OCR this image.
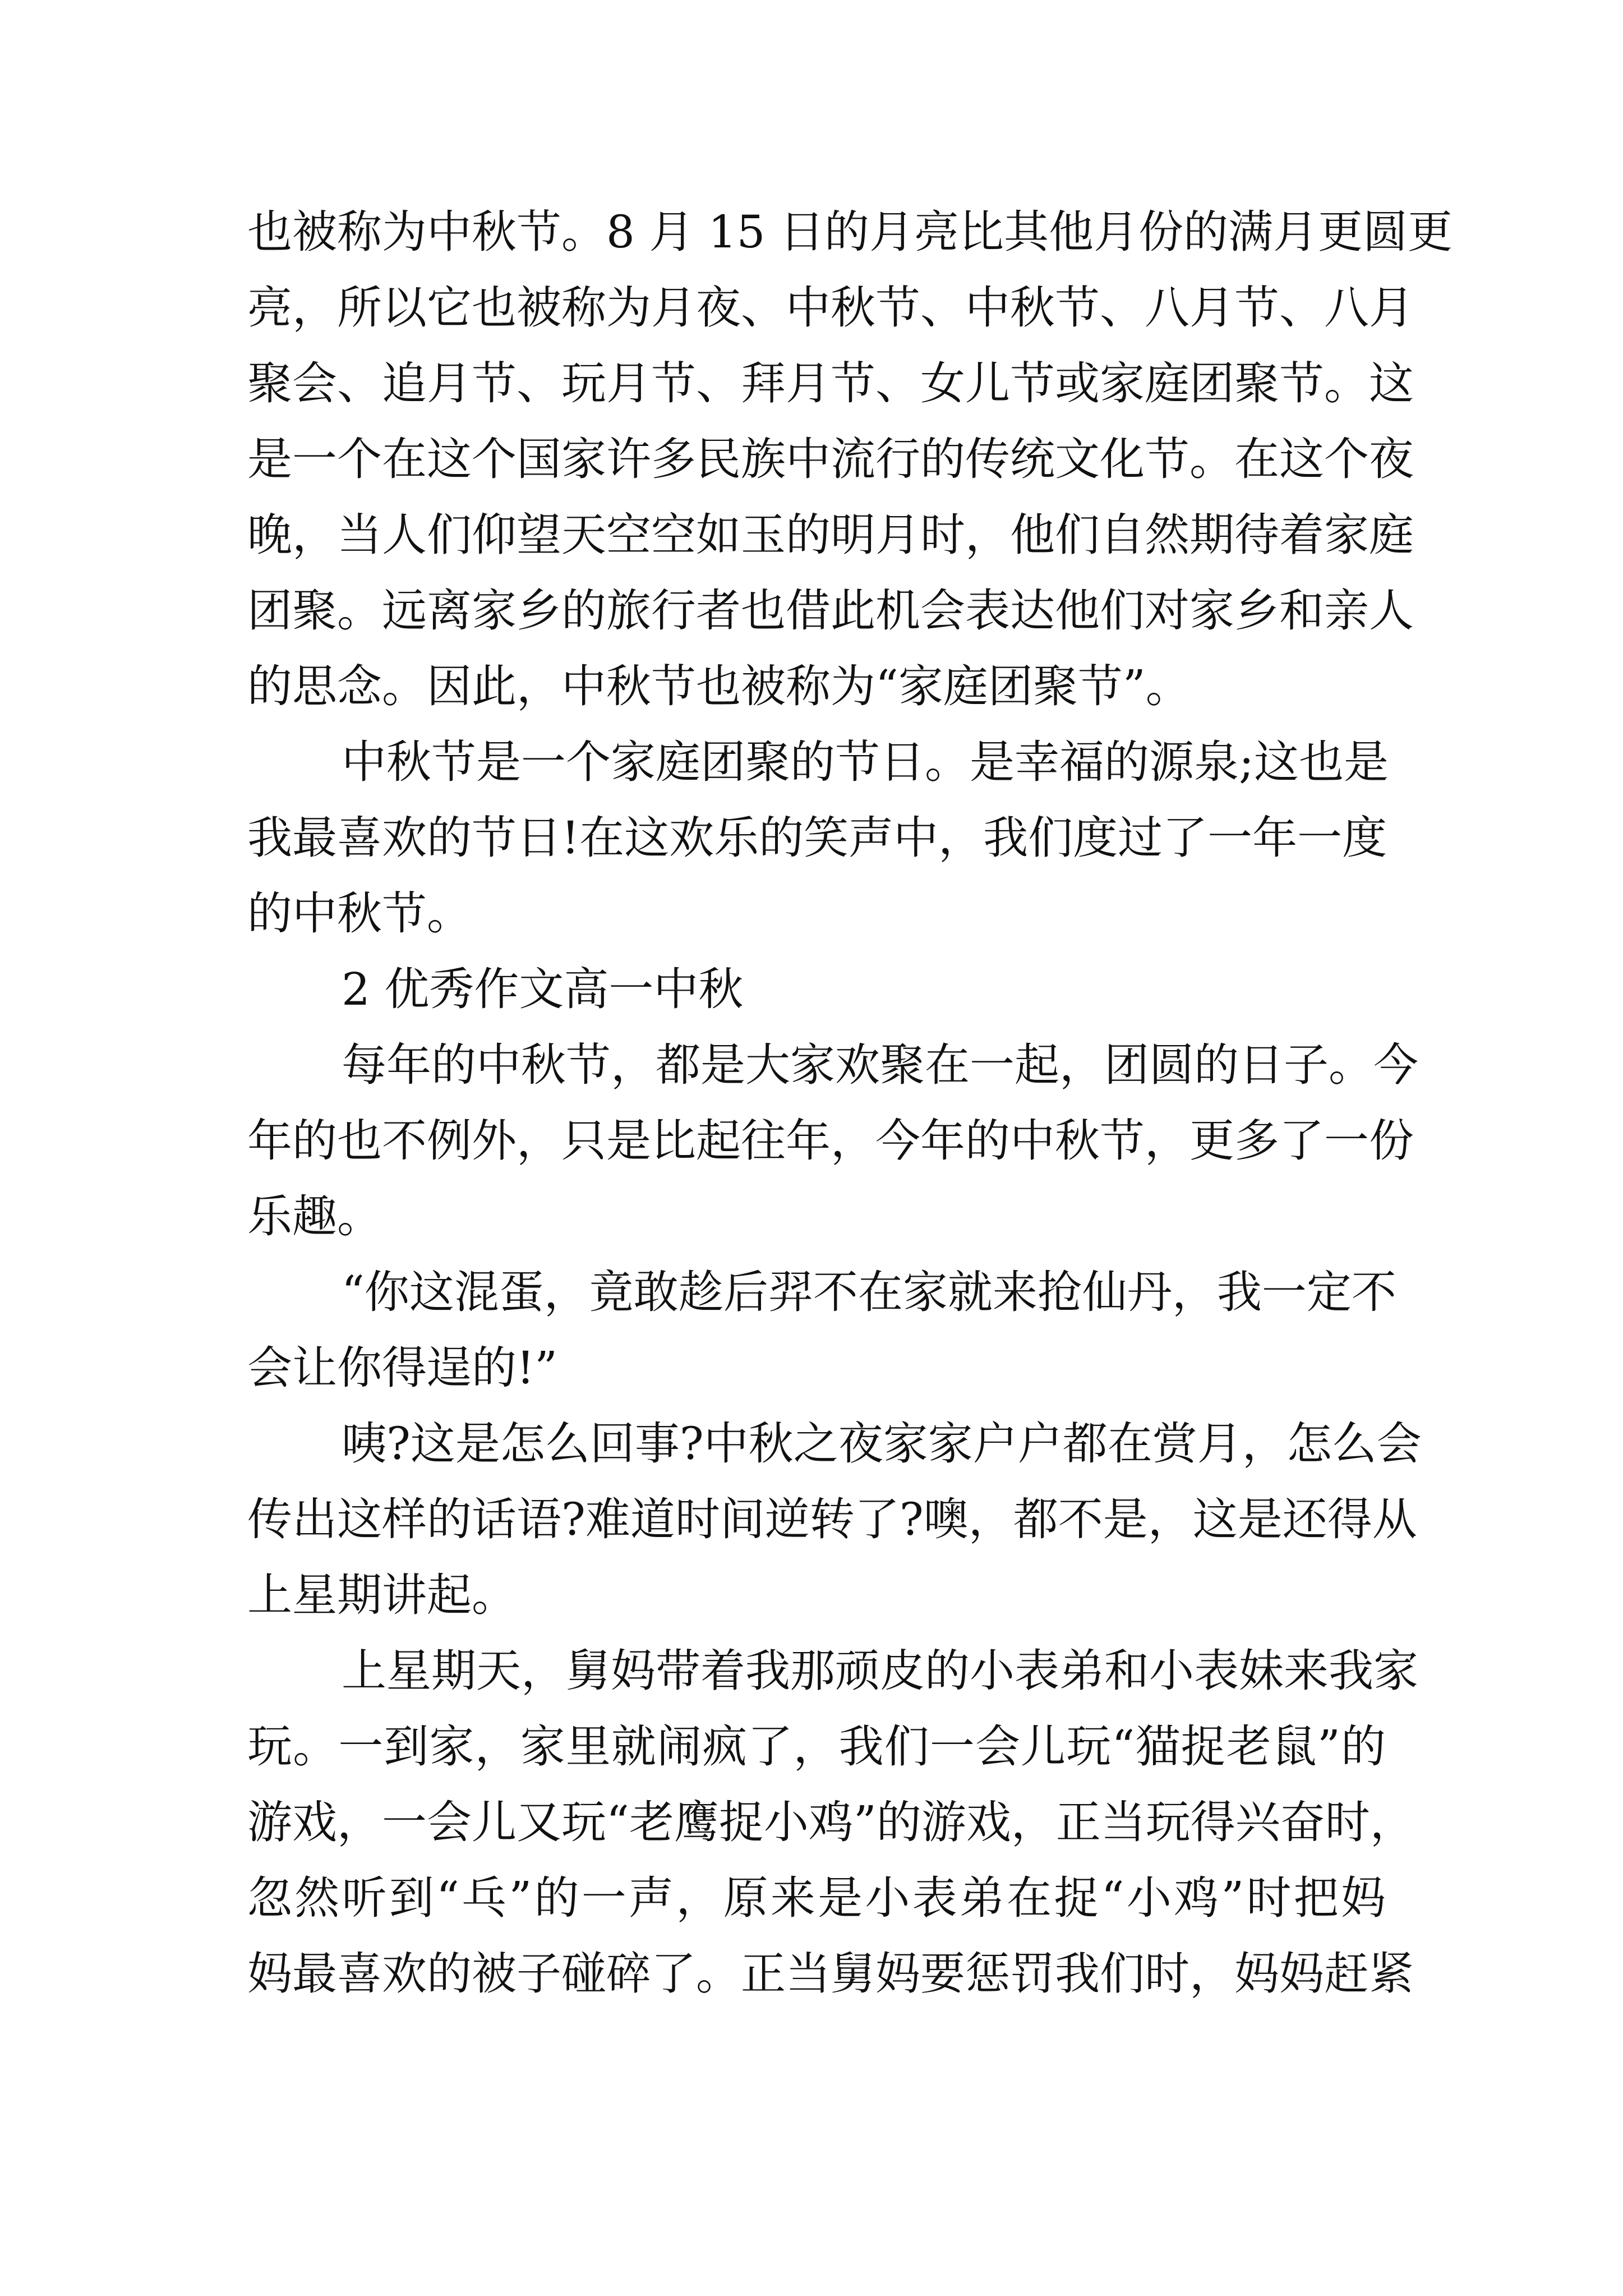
也被称为中秋节。8 月 15 日的月亮比其他月份的满月更圆更
亮，所以它也被称为月夜、中秋节、中秋节、八月节、八月
聚会、追月节、玩月节、拜月节、女儿节或家庭团聚节。这
是一个在这个国家许多民族中流行的传统文化节。在这个夜
晚，当人们仰望天空空如玉的明月时，他们自然期待着家庭
团聚。远离家乡的旅行者也借此机会表达他们对家乡和亲人
的思念。因此，中秋节也被称为“家庭团聚节”。
中秋节是一个家庭团聚的节日。是幸福的源泉;这也是
我最喜欢的节日!在这欢乐的笑声中，我们度过了一年一度
的中秋节。
2 优秀作文高一中秋
每年的中秋节，都是大家欢聚在一起，团圆的日子。今
年的也不例外，只是比起往年，今年的中秋节，更多了一份
乐趣。
“你这混蛋，竟敢趁后羿不在家就来抢仙丹，我一定不
会让你得逞的!”
咦?这是怎么回事?中秋之夜家家户户都在赏月，怎么会
传出这样的话语?难道时间逆转了?噢，都不是，这是还得从
上星期讲起。
上星期天，舅妈带着我那顽皮的小表弟和小表妹来我家
玩。一到家，家里就闹疯了，我们一会儿玩“猫捉老鼠”的
游戏，一会儿又玩“老鹰捉小鸡”的游戏，正当玩得兴奋时，
忽然听到“乓”的一声，原来是小表弟在捉“小鸡”时把妈
妈最喜欢的被子碰碎了。正当舅妈要惩罚我们时，妈妈赶紧
